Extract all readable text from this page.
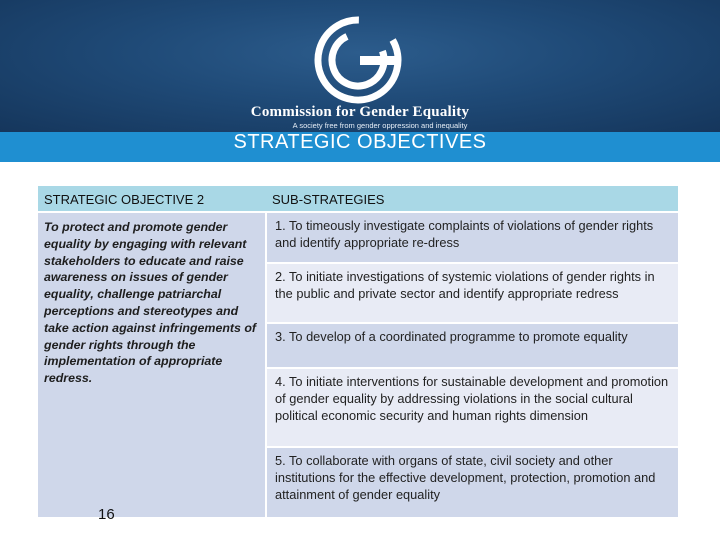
Commission for Gender Equality
A society free from gender oppression and inequality
STRATEGIC OBJECTIVES
STRATEGIC OBJECTIVE 2	SUB-STRATEGIES
To protect and promote gender equality by engaging with relevant stakeholders to educate and raise awareness on issues of gender equality, challenge patriarchal perceptions and stereotypes and take action against infringements of gender rights through the implementation of appropriate redress.	1. To timeously investigate complaints of violations of gender rights and identify appropriate re-dress
	2. To initiate investigations of systemic violations of gender rights in the public and private sector and identify appropriate redress
	3. To develop of a coordinated programme to promote equality
	4. To initiate interventions for sustainable development and promotion of gender equality by addressing violations in the social cultural political economic security and human rights dimension
	5. To collaborate with organs of state, civil society and other institutions for the effective development, protection, promotion and attainment of gender equality
16
